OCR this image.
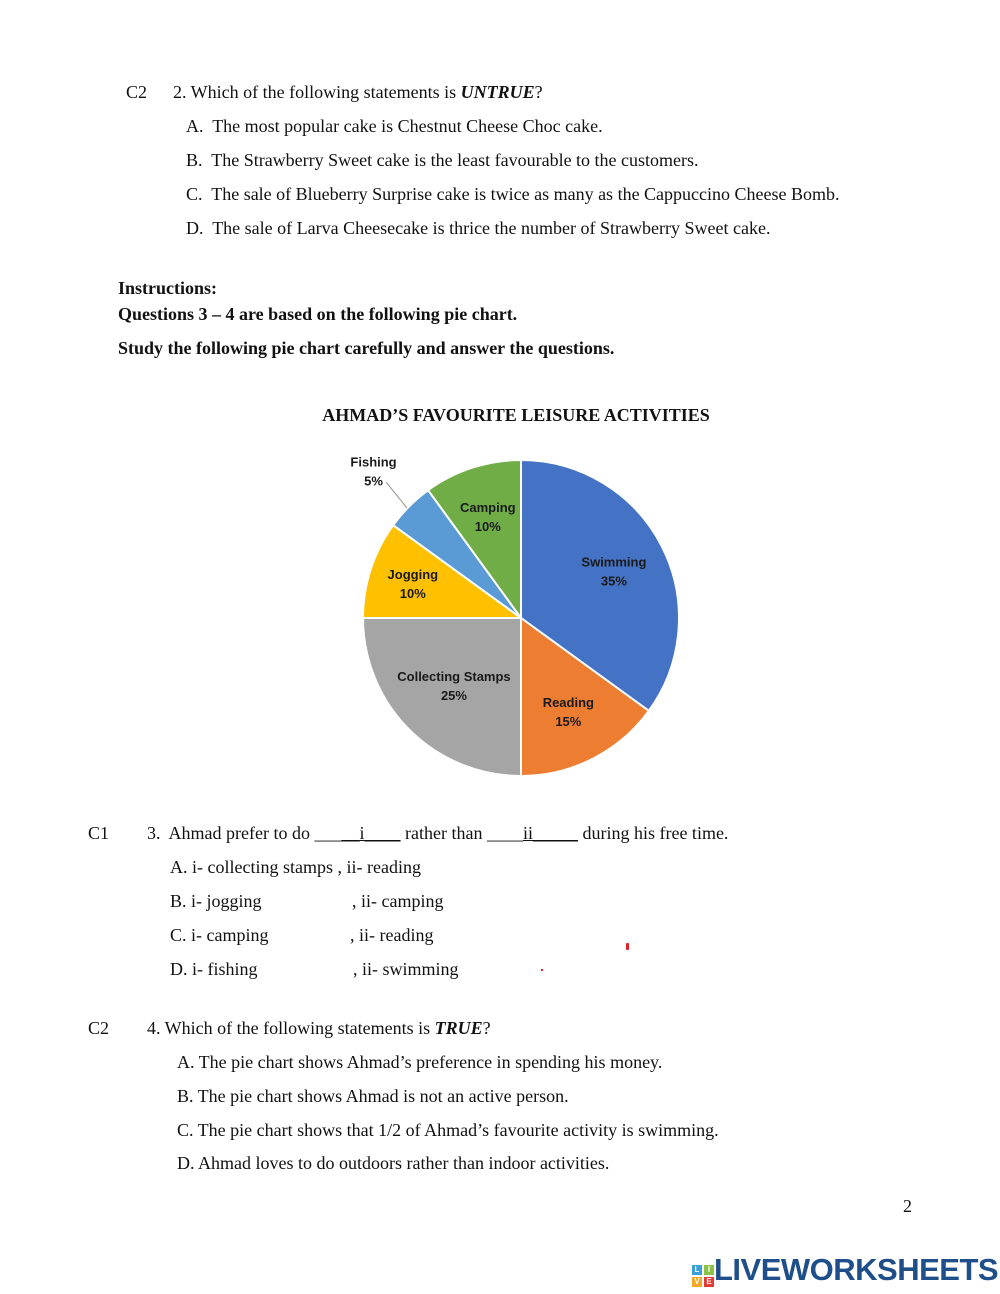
C2 2. Which of the following statements is UNTRUE?
A. The most popular cake is Chestnut Cheese Choc cake.
B. The Strawberry Sweet cake is the least favourable to the customers.
C. The sale of Blueberry Surprise cake is twice as many as the Cappuccino Cheese Bomb.
D. The sale of Larva Cheesecake is thrice the number of Strawberry Sweet cake.
Instructions:
Questions 3 – 4 are based on the following pie chart.
Study the following pie chart carefully and answer the questions.
AHMAD’S FAVOURITE LEISURE ACTIVITIES
Swimming
35%
Reading
15%
Collecting Stamps
25%
Jogging
10%
Fishing
5%
Camping
10%
C1 3. Ahmad prefer to do _____i____ rather than ____ii_____ during his free time.
A. i- collecting stamps , ii- reading
B. i- jogging	, ii- camping
C. i- camping	, ii- reading
D. i- fishing	, ii- swimming
C2 4. Which of the following statements is TRUE?
A. The pie chart shows Ahmad’s preference in spending his money.
B. The pie chart shows Ahmad is not an active person.
C. The pie chart shows that 1/2 of Ahmad’s favourite activity is swimming.
D. Ahmad loves to do outdoors rather than indoor activities.
2
L	I
V E LIVEWORKSHEETS
